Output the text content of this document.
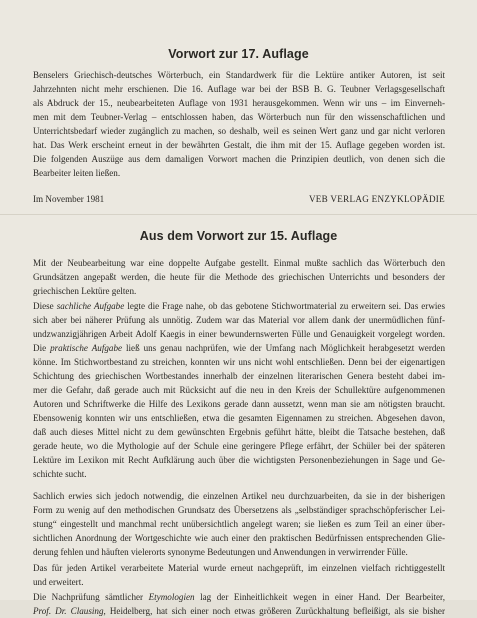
Vorwort zur 17. Auflage
Benselers Griechisch-deutsches Wörterbuch, ein Standardwerk für die Lektüre antiker Autoren, ist seit
Jahrzehnten nicht mehr erschienen. Die 16. Auflage war bei der BSB B. G. Teubner Verlagsgesellschaft
als Abdruck der 15., neubearbeiteten Auflage von 1931 herausgekommen. Wenn wir uns – im Einverneh-
men mit dem Teubner-Verlag – entschlossen haben, das Wörterbuch nun für den wissenschaftlichen und
Unterrichtsbedarf wieder zugänglich zu machen, so deshalb, weil es seinen Wert ganz und gar nicht verloren
hat. Das Werk erscheint erneut in der bewährten Gestalt, die ihm mit der 15. Auflage gegeben worden ist.
Die folgenden Auszüge aus dem damaligen Vorwort machen die Prinzipien deutlich, von denen sich die
Bearbeiter leiten ließen.
Im November 1981	VEB VERLAG ENZYKLOPÄDIE
Aus dem Vorwort zur 15. Auflage
Mit der Neubearbeitung war eine doppelte Aufgabe gestellt. Einmal mußte sachlich das Wörterbuch den
Grundsätzen angepaßt werden, die heute für die Methode des griechischen Unterrichts und besonders der
griechischen Lektüre gelten.
Diese sachliche Aufgabe legte die Frage nahe, ob das gebotene Stichwortmaterial zu erweitern sei. Das erwies
sich aber bei näherer Prüfung als unnötig. Zudem war das Material vor allem dank der unermüdlichen fünf-
undzwanzigjährigen Arbeit Adolf Kaegis in einer bewundernswerten Fülle und Genauigkeit vorgelegt worden.
Die praktische Aufgabe ließ uns genau nachprüfen, wie der Umfang nach Möglichkeit herabgesetzt werden
könne. Im Stichwortbestand zu streichen, konnten wir uns nicht wohl entschließen. Denn bei der eigenartigen
Schichtung des griechischen Wortbestandes innerhalb der einzelnen literarischen Genera besteht dabei im-
mer die Gefahr, daß gerade auch mit Rücksicht auf die neu in den Kreis der Schullektüre aufgenommenen
Autoren und Schriftwerke die Hilfe des Lexikons gerade dann aussetzt, wenn man sie am nötigsten braucht.
Ebensowenig konnten wir uns entschließen, etwa die gesamten Eigennamen zu streichen. Abgesehen davon,
daß auch dieses Mittel nicht zu dem gewünschten Ergebnis geführt hätte, bleibt die Tatsache bestehen, daß
gerade heute, wo die Mythologie auf der Schule eine geringere Pflege erfährt, der Schüler bei der späteren
Lektüre im Lexikon mit Recht Aufklärung auch über die wichtigsten Personenbeziehungen in Sage und Ge-
schichte sucht.
Sachlich erwies sich jedoch notwendig, die einzelnen Artikel neu durchzuarbeiten, da sie in der bisherigen
Form zu wenig auf den methodischen Grundsatz des Übersetzens als „selbständiger sprachschöpferischer Lei-
stung“ eingestellt und manchmal recht unübersichtlich angelegt waren; sie ließen es zum Teil an einer über-
sichtlichen Anordnung der Wortgeschichte wie auch einer den praktischen Bedürfnissen entsprechenden Glie-
derung fehlen und häuften vielerorts synonyme Bedeutungen und Anwendungen in verwirrender Fülle.
Das für jeden Artikel verarbeitete Material wurde erneut nachgeprüft, im einzelnen vielfach richtiggestellt
und erweitert.
Die Nachprüfung sämtlicher Etymologien lag der Einheitlichkeit wegen in einer Hand. Der Bearbeiter,
Prof. Dr. Clausing, Heidelberg, hat sich einer noch etwas größeren Zurückhaltung befleißigt, als sie bisher
